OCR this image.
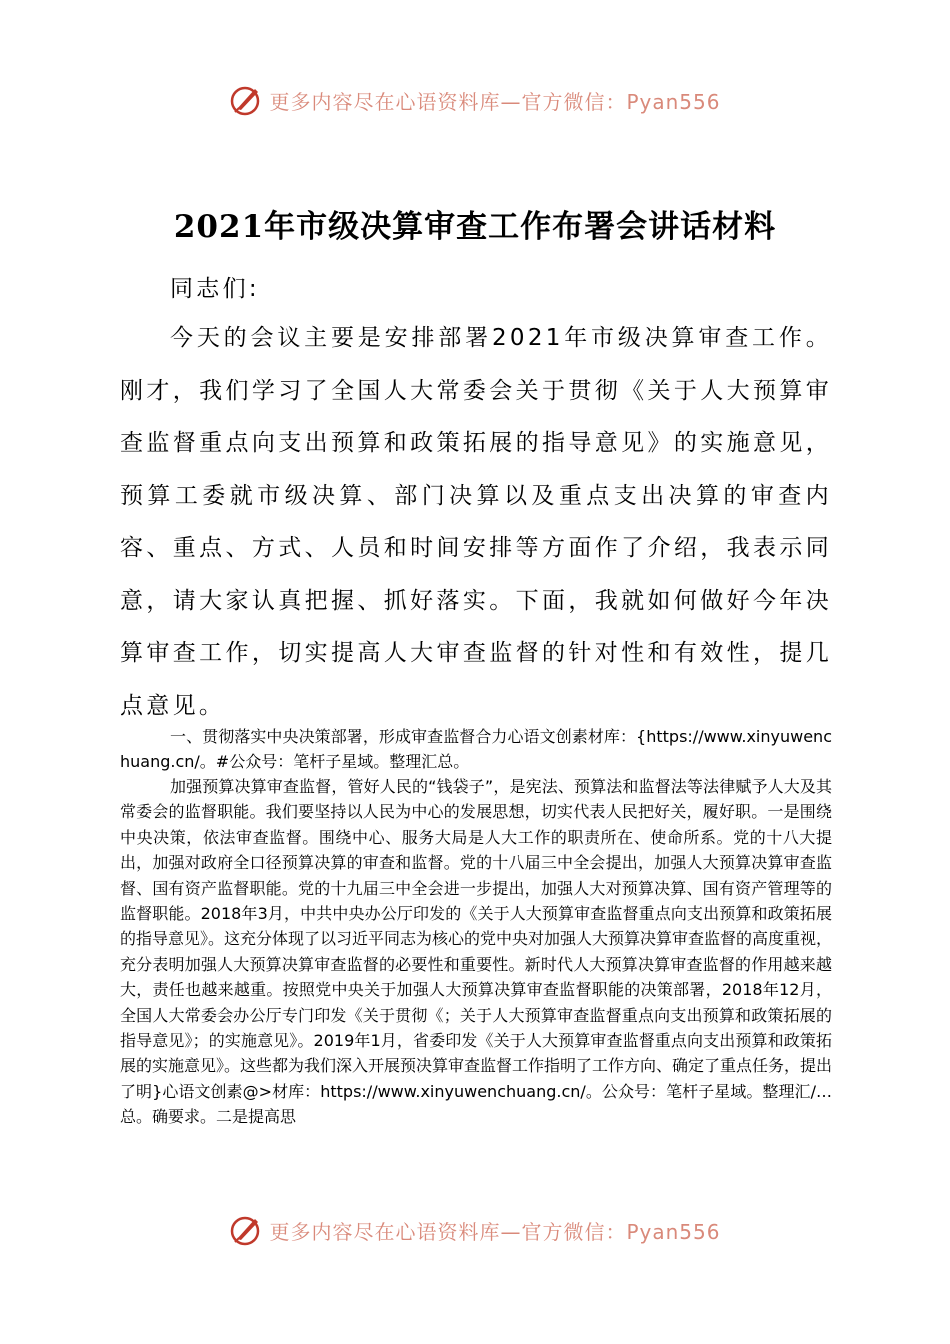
更多内容尽在心语资料库—官方微信：Pyan556
2021年市级决算审查工作布署会讲话材料

同志们:

今天的会议主要是安排部署2021年市级决算审查工作。刚才，我们学习了全国人大常委会关于贯彻《关于人大预算审查监督重点向支出预算和政策拓展的指导意见》的实施意见，预算工委就市级决算、部门决算以及重点支出决算的审查内容、重点、方式、人员和时间安排等方面作了介绍，我表示同意，请大家认真把握、抓好落实。下面，我就如何做好今年决算审查工作，切实提高人大审查监督的针对性和有效性，提几点意见。

一、贯彻落实中央决策部署，形成审查监督合力心语文创素材库：{https://www.xinyuwenchuang.cn/。#公众号：笔杆子星域。整理汇总。

加强预算决算审查监督，管好人民的“钱袋子”，是宪法、预算法和监督法等法律赋予人大及其常委会的监督职能。我们要坚持以人民为中心的发展思想，切实代表人民把好关，履好职。一是围绕中央决策，依法审查监督。围绕中心、服务大局是人大工作的职责所在、使命所系。党的十八大提出，加强对政府全口径预算决算的审查和监督。党的十八届三中全会提出，加强人大预算决算审查监督、国有资产监督职能。党的十九届三中全会进一步提出，加强人大对预算决算、国有资产管理等的监督职能。2018年3月，中共中央办公厅印发的《关于人大预算审查监督重点向支出预算和政策拓展的指导意见》。这充分体现了以习近平同志为核心的党中央对加强人大预算决算审查监督的高度重视，充分表明加强人大预算决算审查监督的必要性和重要性。新时代人大预算决算审查监督的作用越来越大，责任也越来越重。按照党中央关于加强人大预算决算审查监督职能的决策部署，2018年12月，全国人大常委会办公厅专门印发《关于贯彻《；关于人大预算审查监督重点向支出预算和政策拓展的指导意见》；的实施意见》。2019年1月，省委印发《关于人大预算审查监督重点向支出预算和政策拓展的实施意见》。这些都为我们深入开展预决算审查监督工作指明了工作方向、确定了重点任务，提出了明}心语文创素@>材库：https://www.xinyuwenchuang.cn/。公众号：笔杆子星域。整理汇/…总。确要求。二是提高思

更多内容尽在心语资料库—官方微信：Pyan556
